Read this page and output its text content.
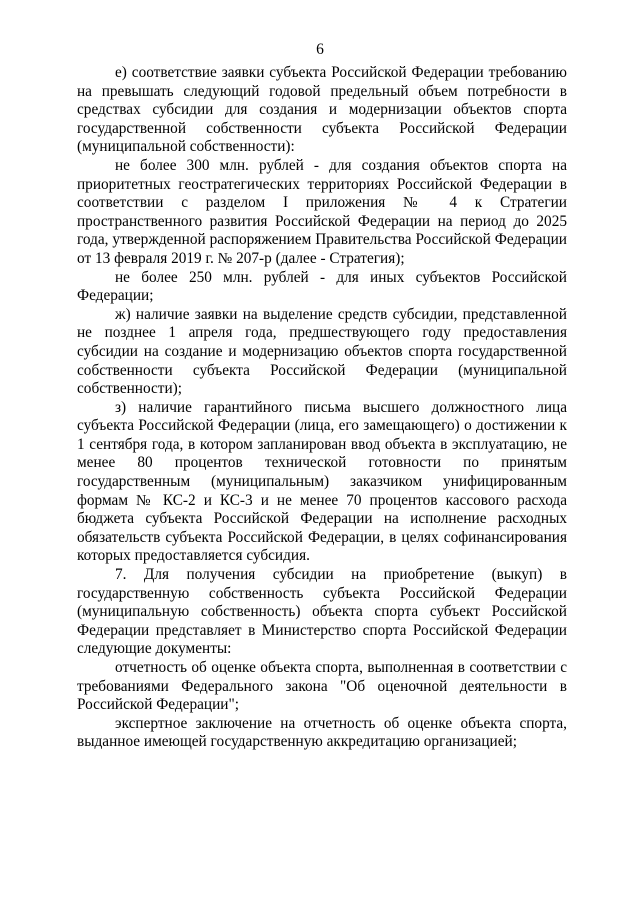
6

е) соответствие заявки субъекта Российской Федерации требованию на превышать следующий годовой предельный объем потребности в средствах субсидии для создания и модернизации объектов спорта государственной собственности субъекта Российской Федерации (муниципальной собственности):

не более 300 млн. рублей - для создания объектов спорта на приоритетных геостратегических территориях Российской Федерации в соответствии с разделом I приложения № 4 к Стратегии пространственного развития Российской Федерации на период до 2025 года, утвержденной распоряжением Правительства Российской Федерации от 13 февраля 2019 г. № 207-р (далее - Стратегия);

не более 250 млн. рублей - для иных субъектов Российской Федерации;

ж) наличие заявки на выделение средств субсидии, представленной не позднее 1 апреля года, предшествующего году предоставления субсидии на создание и модернизацию объектов спорта государственной собственности субъекта Российской Федерации (муниципальной собственности);

з) наличие гарантийного письма высшего должностного лица субъекта Российской Федерации (лица, его замещающего) о достижении к 1 сентября года, в котором запланирован ввод объекта в эксплуатацию, не менее 80 процентов технической готовности по принятым государственным (муниципальным) заказчиком унифицированным формам № КС-2 и КС-3 и не менее 70 процентов кассового расхода бюджета субъекта Российской Федерации на исполнение расходных обязательств субъекта Российской Федерации, в целях софинансирования которых предоставляется субсидия.

7. Для получения субсидии на приобретение (выкуп) в государственную собственность субъекта Российской Федерации (муниципальную собственность) объекта спорта субъект Российской Федерации представляет в Министерство спорта Российской Федерации следующие документы:

отчетность об оценке объекта спорта, выполненная в соответствии с требованиями Федерального закона "Об оценочной деятельности в Российской Федерации";

экспертное заключение на отчетность об оценке объекта спорта, выданное имеющей государственную аккредитацию организацией;
